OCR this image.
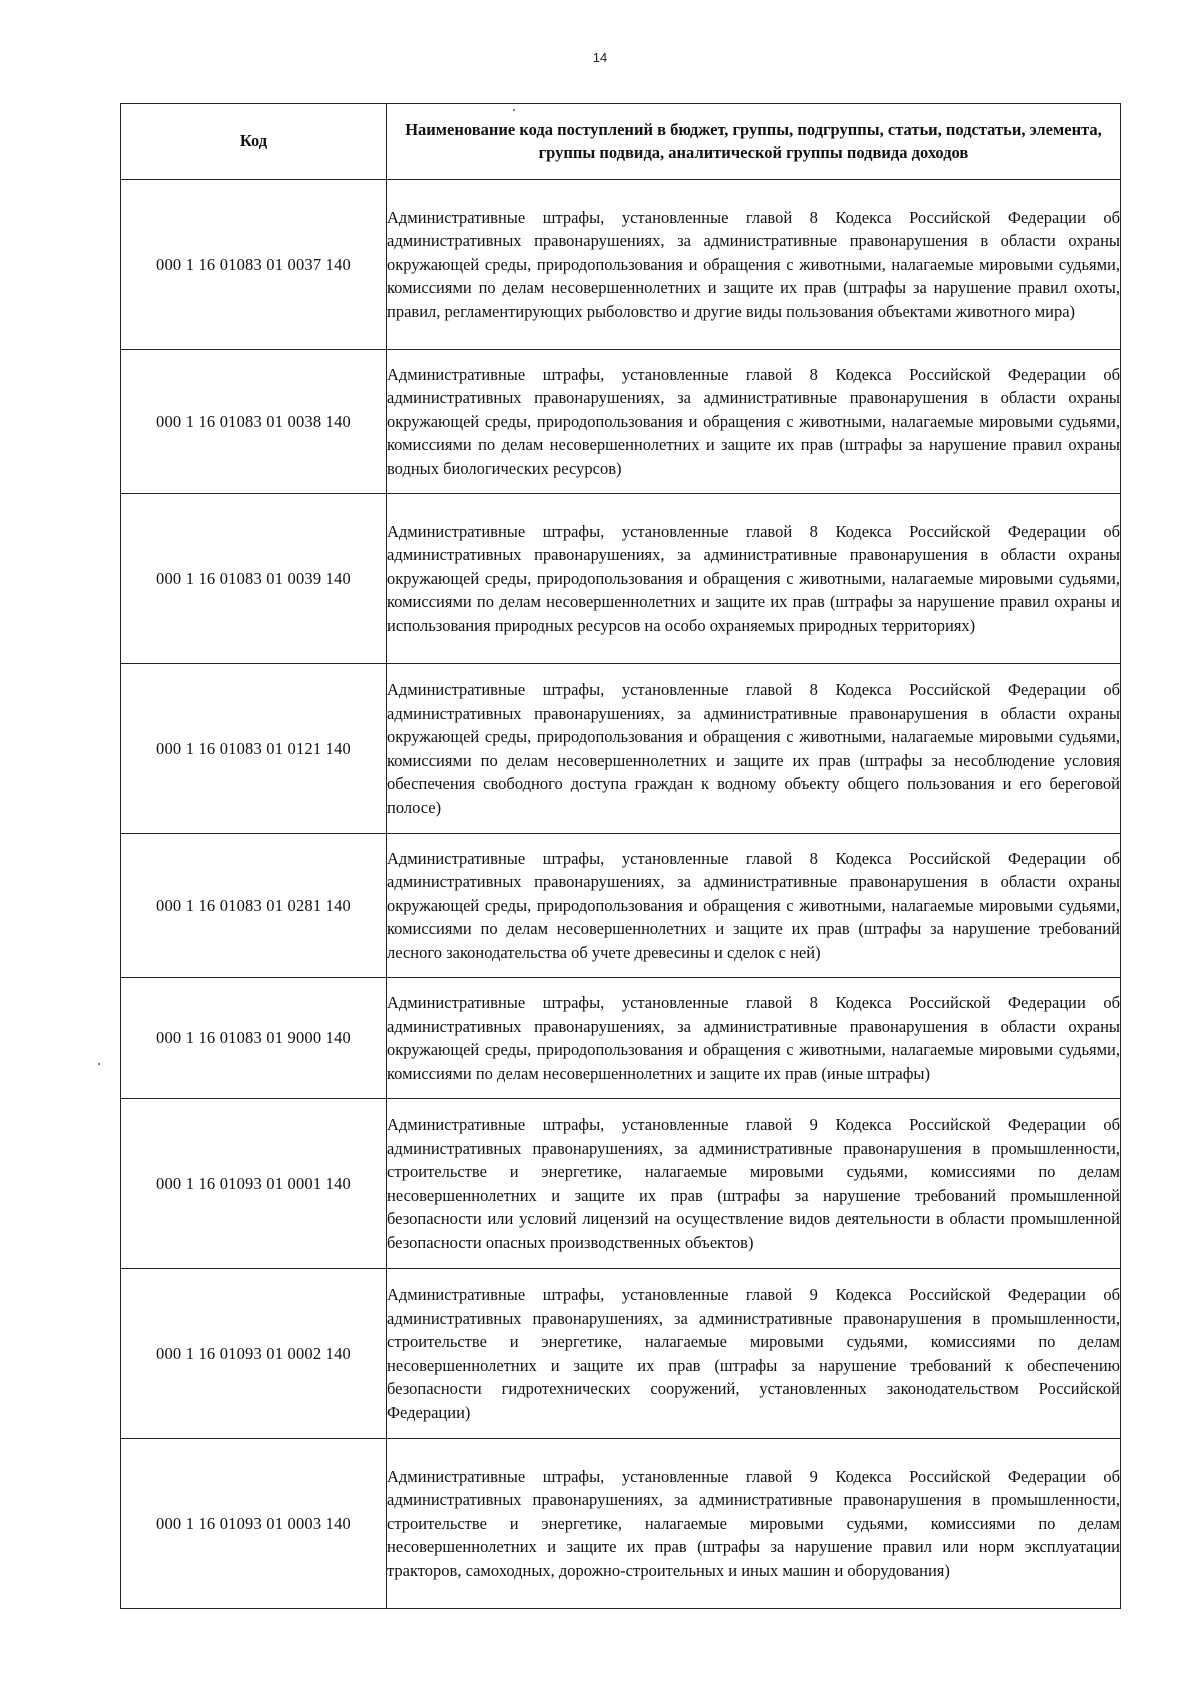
14
Код	Наименование кода поступлений в бюджет, группы, подгруппы, статьи, подстатьи, элемента, группы подвида, аналитической группы подвида доходов
000 1 16 01083 01 0037 140	Административные штрафы, установленные главой 8 Кодекса Российской Федерации об административных правонарушениях, за административные правонарушения в области охраны окружающей среды, природопользования и обращения с животными, налагаемые мировыми судьями, комиссиями по делам несовершеннолетних и защите их прав (штрафы за нарушение правил охоты, правил, регламентирующих рыболовство и другие виды пользования объектами животного мира)

000 1 16 01083 01 0038 140	Административные штрафы, установленные главой 8 Кодекса Российской Федерации об административных правонарушениях, за административные правонарушения в области охраны окружающей среды, природопользования и обращения с животными, налагаемые мировыми судьями, комиссиями по делам несовершеннолетних и защите их прав (штрафы за нарушение правил охраны водных биологических ресурсов)

000 1 16 01083 01 0039 140	Административные штрафы, установленные главой 8 Кодекса Российской Федерации об административных правонарушениях, за административные правонарушения в области охраны окружающей среды, природопользования и обращения с животными, налагаемые мировыми судьями, комиссиями по делам несовершеннолетних и защите их прав (штрафы за нарушение правил охраны и использования природных ресурсов на особо охраняемых природных территориях)

000 1 16 01083 01 0121 140	Административные штрафы, установленные главой 8 Кодекса Российской Федерации об административных правонарушениях, за административные правонарушения в области охраны окружающей среды, природопользования и обращения с животными, налагаемые мировыми судьями, комиссиями по делам несовершеннолетних и защите их прав (штрафы за несоблюдение условия обеспечения свободного доступа граждан к водному объекту общего пользования и его береговой полосе)

000 1 16 01083 01 0281 140	Административные штрафы, установленные главой 8 Кодекса Российской Федерации об административных правонарушениях, за административные правонарушения в области охраны окружающей среды, природопользования и обращения с животными, налагаемые мировыми судьями, комиссиями по делам несовершеннолетних и защите их прав (штрафы за нарушение требований лесного законодательства об учете древесины и сделок с ней)

000 1 16 01083 01 9000 140	Административные штрафы, установленные главой 8 Кодекса Российской Федерации об административных правонарушениях, за административные правонарушения в области охраны окружающей среды, природопользования и обращения с животными, налагаемые мировыми судьями, комиссиями по делам несовершеннолетних и защите их прав (иные штрафы)

000 1 16 01093 01 0001 140	Административные штрафы, установленные главой 9 Кодекса Российской Федерации об административных правонарушениях, за административные правонарушения в промышленности, строительстве и энергетике, налагаемые мировыми судьями, комиссиями по делам несовершеннолетних и защите их прав (штрафы за нарушение требований промышленной безопасности или условий лицензий на осуществление видов деятельности в области промышленной безопасности опасных производственных объектов)

000 1 16 01093 01 0002 140	Административные штрафы, установленные главой 9 Кодекса Российской Федерации об административных правонарушениях, за административные правонарушения в промышленности, строительстве и энергетике, налагаемые мировыми судьями, комиссиями по делам несовершеннолетних и защите их прав (штрафы за нарушение требований к обеспечению безопасности гидротехнических сооружений, установленных законодательством Российской Федерации)

000 1 16 01093 01 0003 140	Административные штрафы, установленные главой 9 Кодекса Российской Федерации об административных правонарушениях, за административные правонарушения в промышленности, строительстве и энергетике, налагаемые мировыми судьями, комиссиями по делам несовершеннолетних и защите их прав (штрафы за нарушение правил или норм эксплуатации тракторов, самоходных, дорожно-строительных и иных машин и оборудования)
